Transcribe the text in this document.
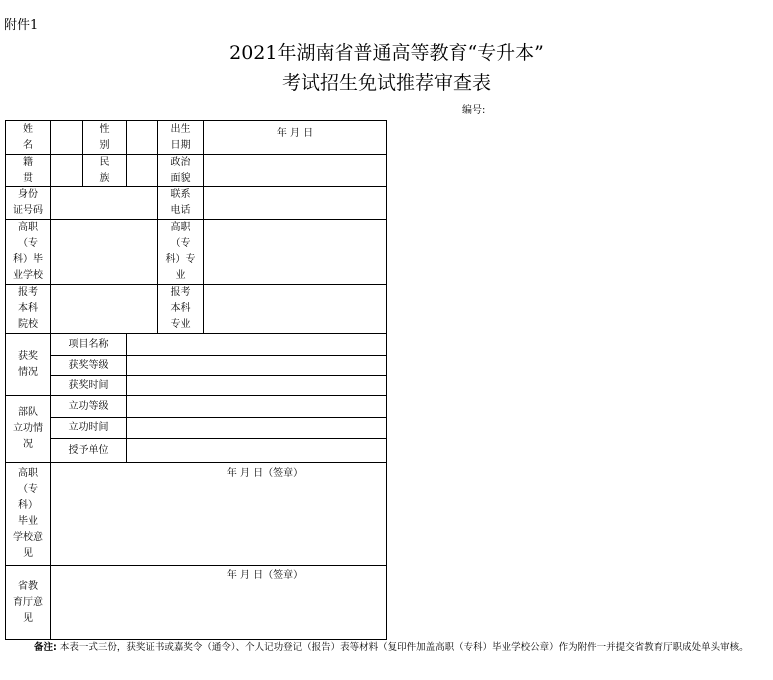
附件1
2021年湖南省普通高等教育“专升本”
考试招生免试推荐审查表
编号:
姓
名
性
别
出生
日期
年 月 日
籍
贯
民
族
政治
面貌
身份
证号码
联系
电话
高职
（专
科）毕
业学校
高职
（专
科）专
业
报考
本科
院校
报考
本科
专业
获奖
情况
项目名称
获奖等级
获奖时间
部队
立功情
况
立功等级
立功时间
授予单位
高职
（专
科）
毕业
学校意
见
年 月 日（签章）
省教
育厅意
见
年 月 日（签章）
备注: 本表一式三份，获奖证书或嘉奖令（通令）、个人记功登记（报告）表等材料（复印件加盖高职（专科）毕业学校公章）作为附件一并提交省教育厅职成处单头审核。
